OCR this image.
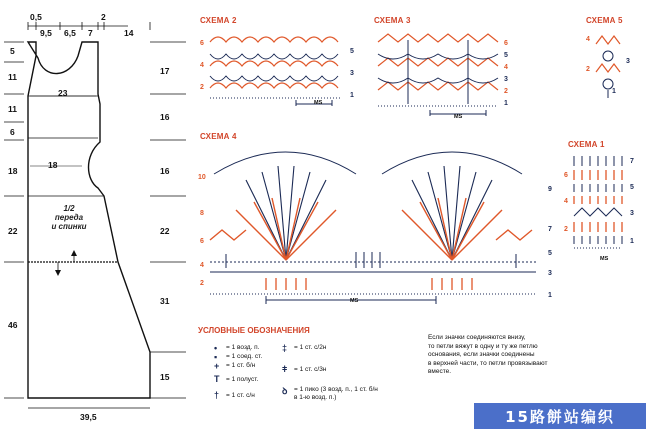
0,5
9,5 6,5 7
2
14
5
11
11
6
18
22
46
17
16
16
22
31
15
23
18
39,5
1/2
переда
и спинки
СХЕМА 2
6
4
2
5
3
1
MS
СХЕМА 3
6
4
2
5
3
1
MS
СХЕМА 5
4
2
3
1
СХЕМА 4
10
8
6
4
2
9
7
5
3
1
MS
СХЕМА 1
6
4
2
7
5
3
1
MS
УСЛОВНЫЕ ОБОЗНАЧЕНИЯ
• = 1 возд. п.
▪ = 1 соед. ст.
+ = 1 ст. б/н
T = 1 полуст.
† = 1 ст. с/н
‡ = 1 ст. с/2н
ǂ = 1 ст. с/3н
ꝺ = 1 пико (3 возд. п., 1 ст. б/н
в 1-ю возд. п.)
Если значки соединяются внизу,
то петли вяжут в одну и ту же петлю
основания, если значки соединены
в верхней части, то петли провязывают
вместе.
15路餅站编织
